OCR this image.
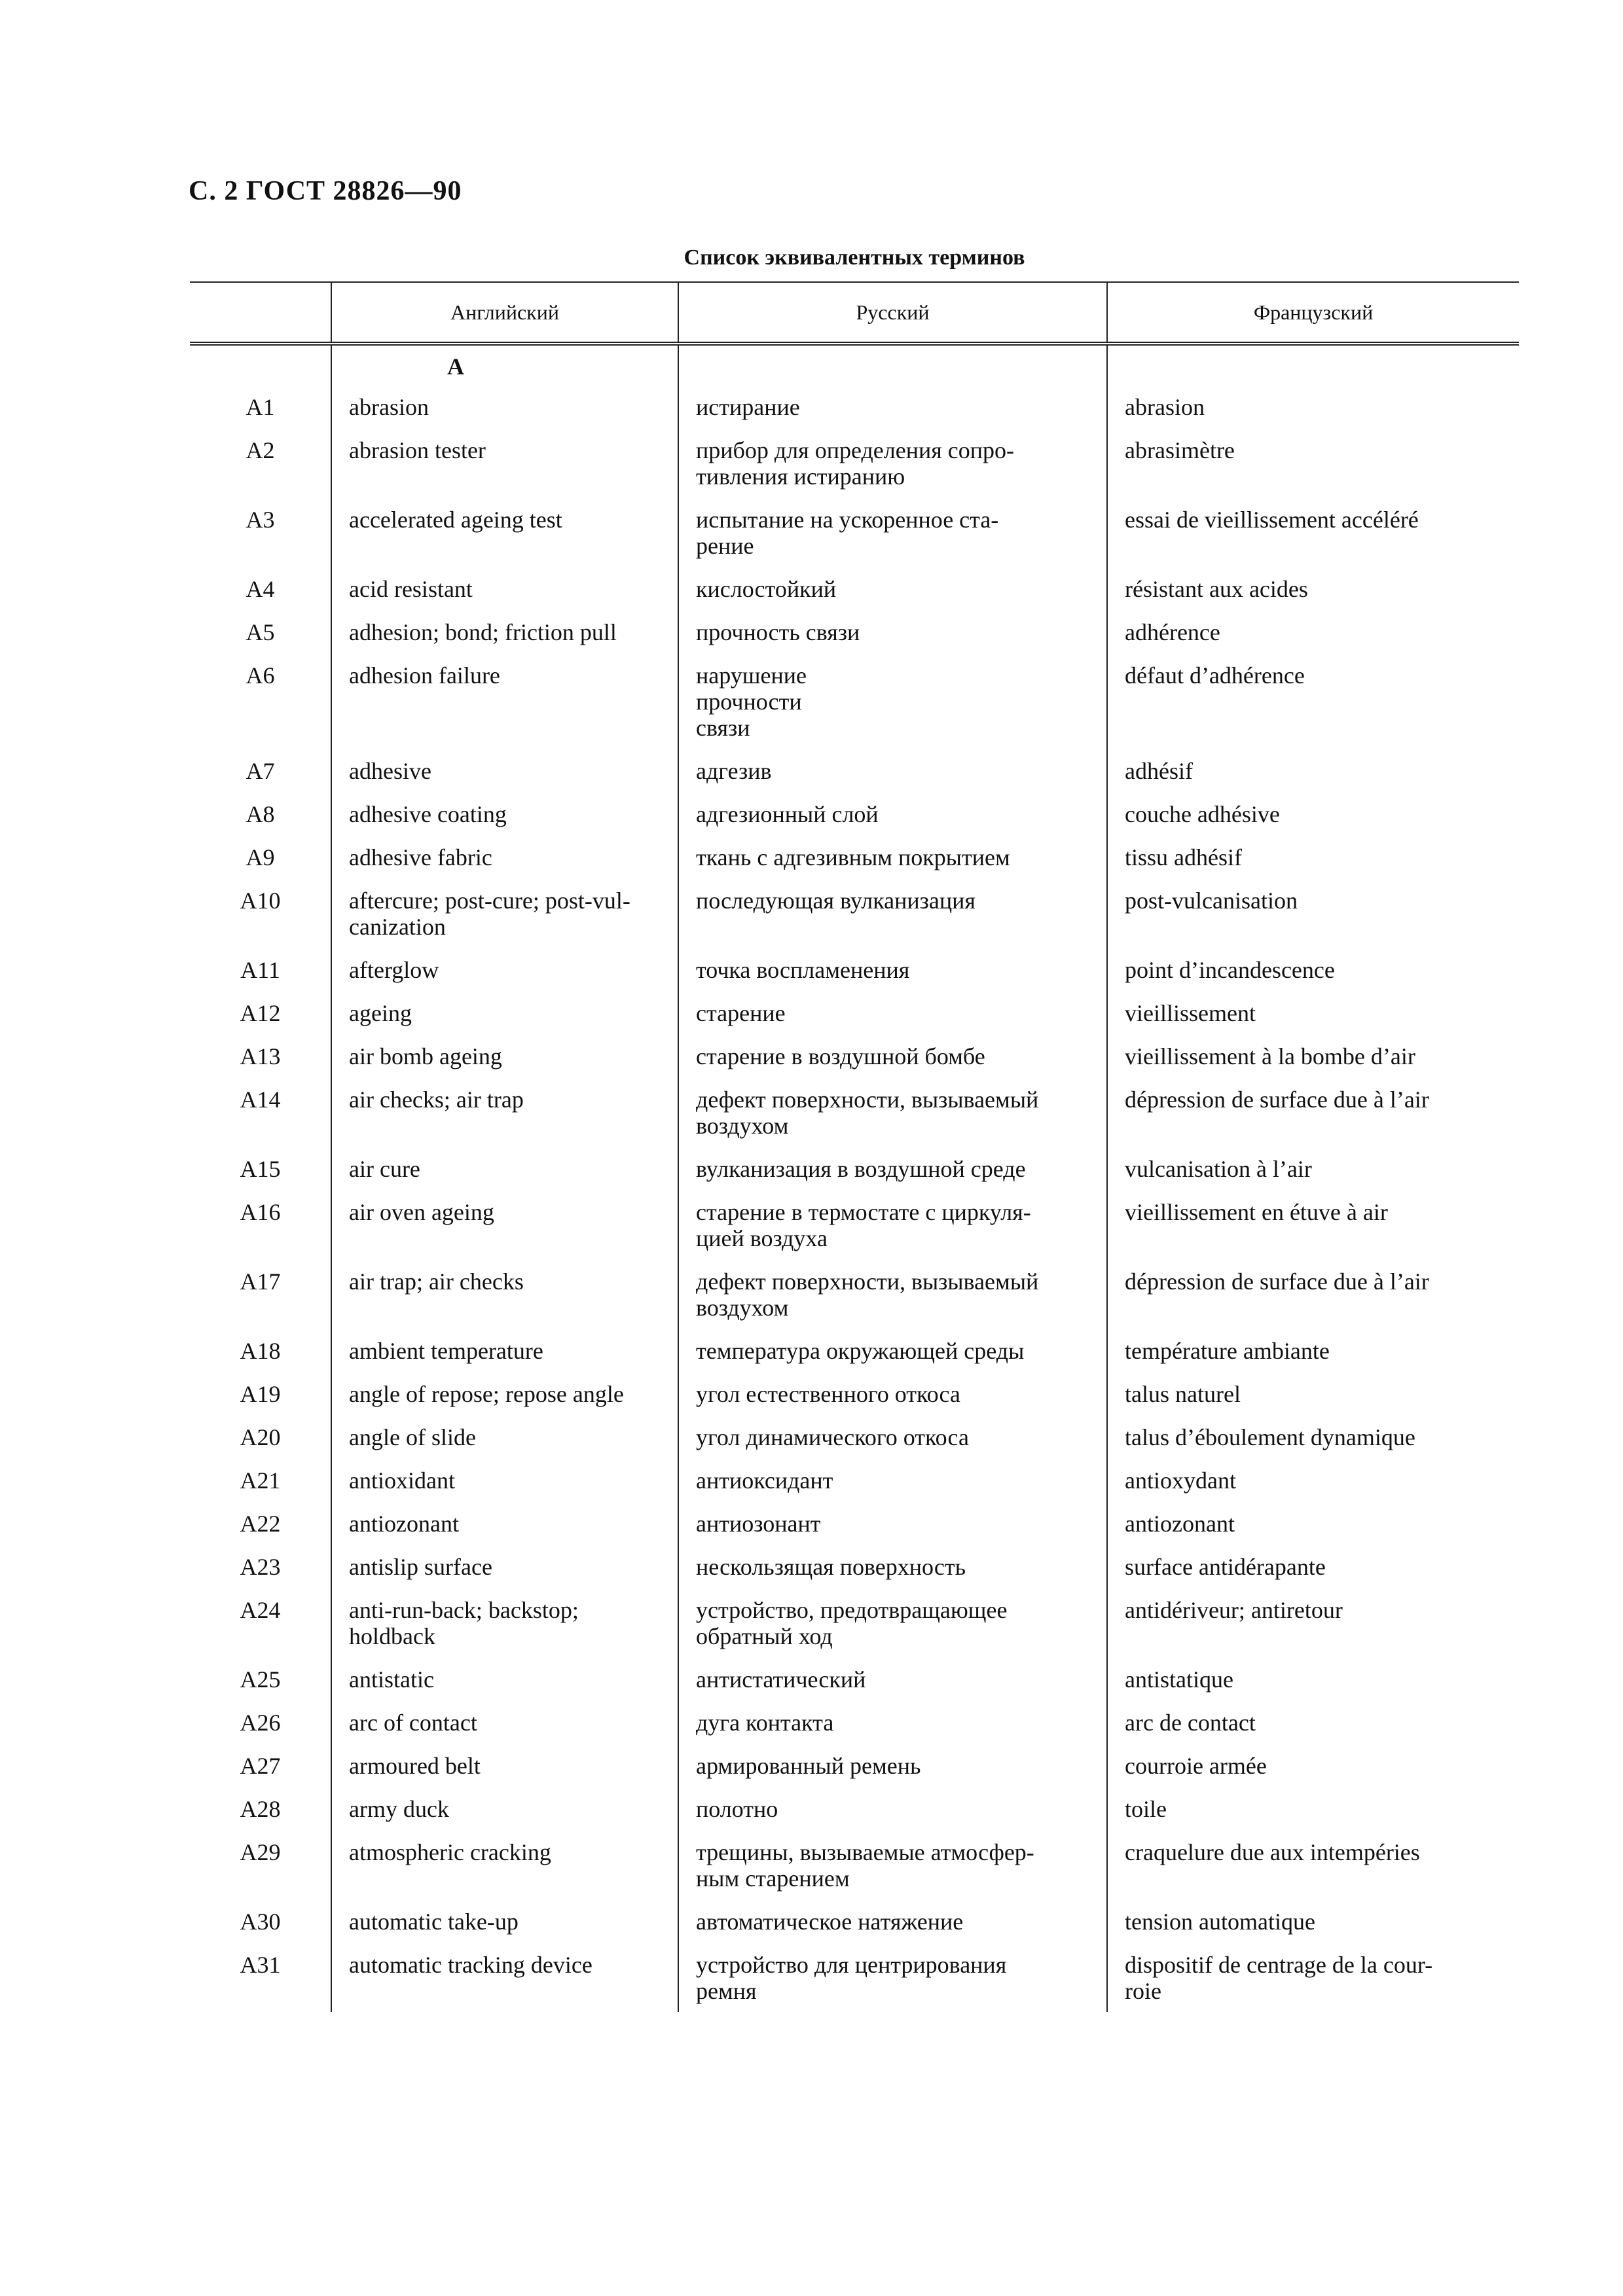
С. 2 ГОСТ 28826—90
Список эквивалентных терминов
	Английский	Русский	Французский
	A		
A1	abrasion	истирание	abrasion
A2	abrasion tester	прибор для определения сопро-
тивления истиранию	abrasimètre
A3	accelerated ageing test	испытание на ускоренное ста-
рение	essai de vieillissement accéléré
A4	acid resistant	кислостойкий	résistant aux acides
A5	adhesion; bond; friction pull	прочность связи	adhérence
A6	adhesion failure	нарушение
прочности
связи	défaut d’adhérence
A7	adhesive	адгезив	adhésif
A8	adhesive coating	адгезионный слой	couche adhésive
A9	adhesive fabric	ткань с адгезивным покрытием	tissu adhésif
A10	aftercure; post-cure; post-vul-
canization	последующая вулканизация	post-vulcanisation
A11	afterglow	точка воспламенения	point d’incandescence
A12	ageing	старение	vieillissement
A13	air bomb ageing	старение в воздушной бомбе	vieillissement à la bombe d’air
A14	air checks; air trap	дефект поверхности, вызываемый
воздухом	dépression de surface due à l’air
A15	air cure	вулканизация в воздушной среде	vulcanisation à l’air
A16	air oven ageing	старение в термостате с циркуля-
цией воздуха	vieillissement en étuve à air
A17	air trap; air checks	дефект поверхности, вызываемый
воздухом	dépression de surface due à l’air
A18	ambient temperature	температура окружающей среды	température ambiante
A19	angle of repose; repose angle	угол естественного откоса	talus naturel
A20	angle of slide	угол динамического откоса	talus d’éboulement dynamique
A21	antioxidant	антиоксидант	antioxydant
A22	antiozonant	антиозонант	antiozonant
A23	antislip surface	нескользящая поверхность	surface antidérapante
A24	anti-run-back; backstop;
holdback	устройство, предотвращающее
обратный ход	antidériveur; antiretour
A25	antistatic	антистатический	antistatique
A26	arc of contact	дуга контакта	arc de contact
A27	armoured belt	армированный ремень	courroie armée
A28	army duck	полотно	toile
A29	atmospheric cracking	трещины, вызываемые атмосфер-
ным старением	craquelure due aux intempéries
A30	automatic take-up	автоматическое натяжение	tension automatique
A31	automatic tracking device	устройство для центрирования
ремня	dispositif de centrage de la cour-
roie
